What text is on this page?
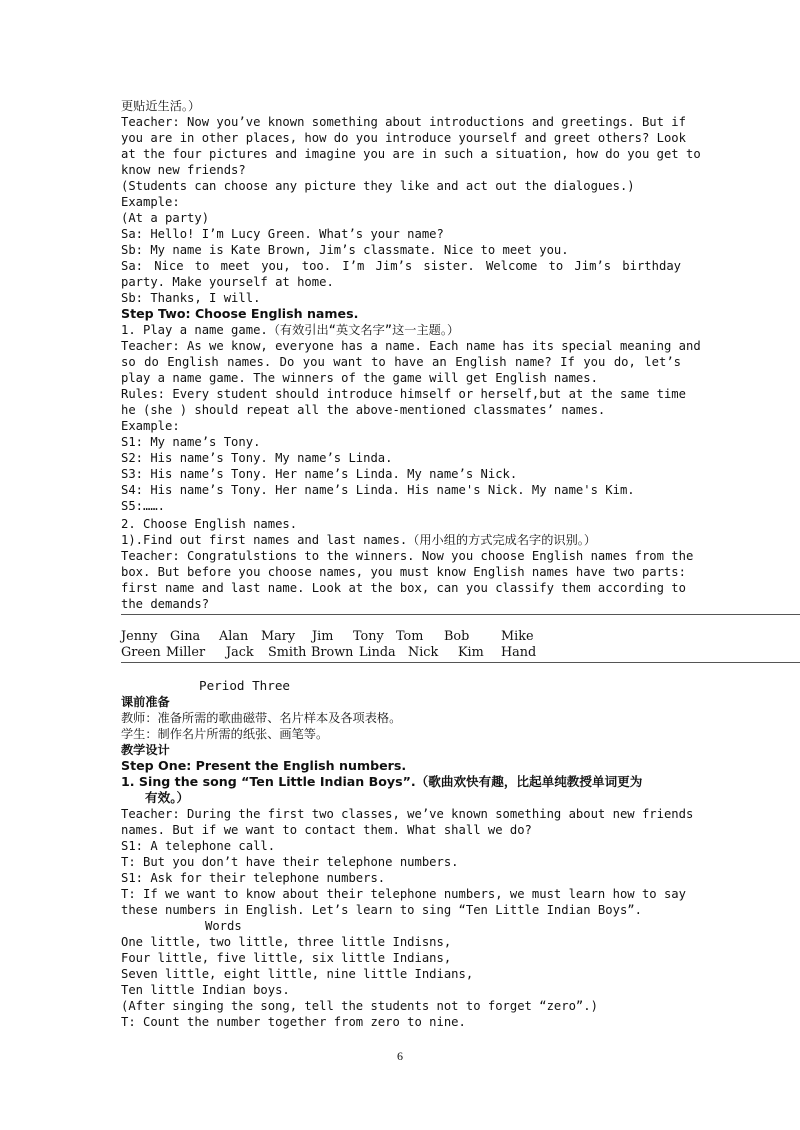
更贴近生活。）
Teacher: Now you’ve known something about introductions and greetings. But if
you are in other places, how do you introduce yourself and greet others? Look
at the four pictures and imagine you are in such a situation, how do you get to
know new friends?
(Students can choose any picture they like and act out the dialogues.)
Example:
(At a party)
Sa: Hello! I’m Lucy Green. What’s your name?
Sb: My name is Kate Brown, Jim’s classmate. Nice to meet you.
Sa: Nice to meet you, too. I’m Jim’s sister. Welcome to Jim’s birthday
party. Make yourself at home.
Sb: Thanks, I will.
Step Two: Choose English names.
1. Play a name game.（有效引出“英文名字”这一主题。）
Teacher: As we know, everyone has a name. Each name has its special meaning and
so do English names. Do you want to have an English name? If you do, let’s
play a name game. The winners of the game will get English names.
Rules: Every student should introduce himself or herself,but at the same time
he (she ) should repeat all the above-mentioned classmates’ names.
Example:
S1: My name’s Tony.
S2: His name’s Tony. My name’s Linda.
S3: His name’s Tony. Her name’s Linda. My name’s Nick.
S4: His name’s Tony. Her name’s Linda. His name's Nick. My name's Kim.
S5:…….
2. Choose English names.
1).Find out first names and last names.（用小组的方式完成名字的识别。）
Teacher: Congratulstions to the winners. Now you choose English names from the
box. But before you choose names, you must know English names have two parts:
first name and last name. Look at the box, can you classify them according to
the demands?
Jenny Gina Alan Mary Jim Tony Tom Bob Mike
Green Miller Jack Smith Brown Linda Nick Kim Hand
Period Three
课前准备
教师：准备所需的歌曲磁带、名片样本及各项表格。
学生：制作名片所需的纸张、画笔等。
教学设计
Step One: Present the English numbers.
1. Sing the song “Ten Little Indian Boys”.（歌曲欢快有趣，比起单纯教授单词更为
有效。）
Teacher: During the first two classes, we’ve known something about new friends
names. But if we want to contact them. What shall we do?
S1: A telephone call.
T: But you don’t have their telephone numbers.
S1: Ask for their telephone numbers.
T: If we want to know about their telephone numbers, we must learn how to say
these numbers in English. Let’s learn to sing “Ten Little Indian Boys”.
Words
One little, two little, three little Indisns,
Four little, five little, six little Indians,
Seven little, eight little, nine little Indians,
Ten little Indian boys.
(After singing the song, tell the students not to forget “zero”.)
T: Count the number together from zero to nine.
6
